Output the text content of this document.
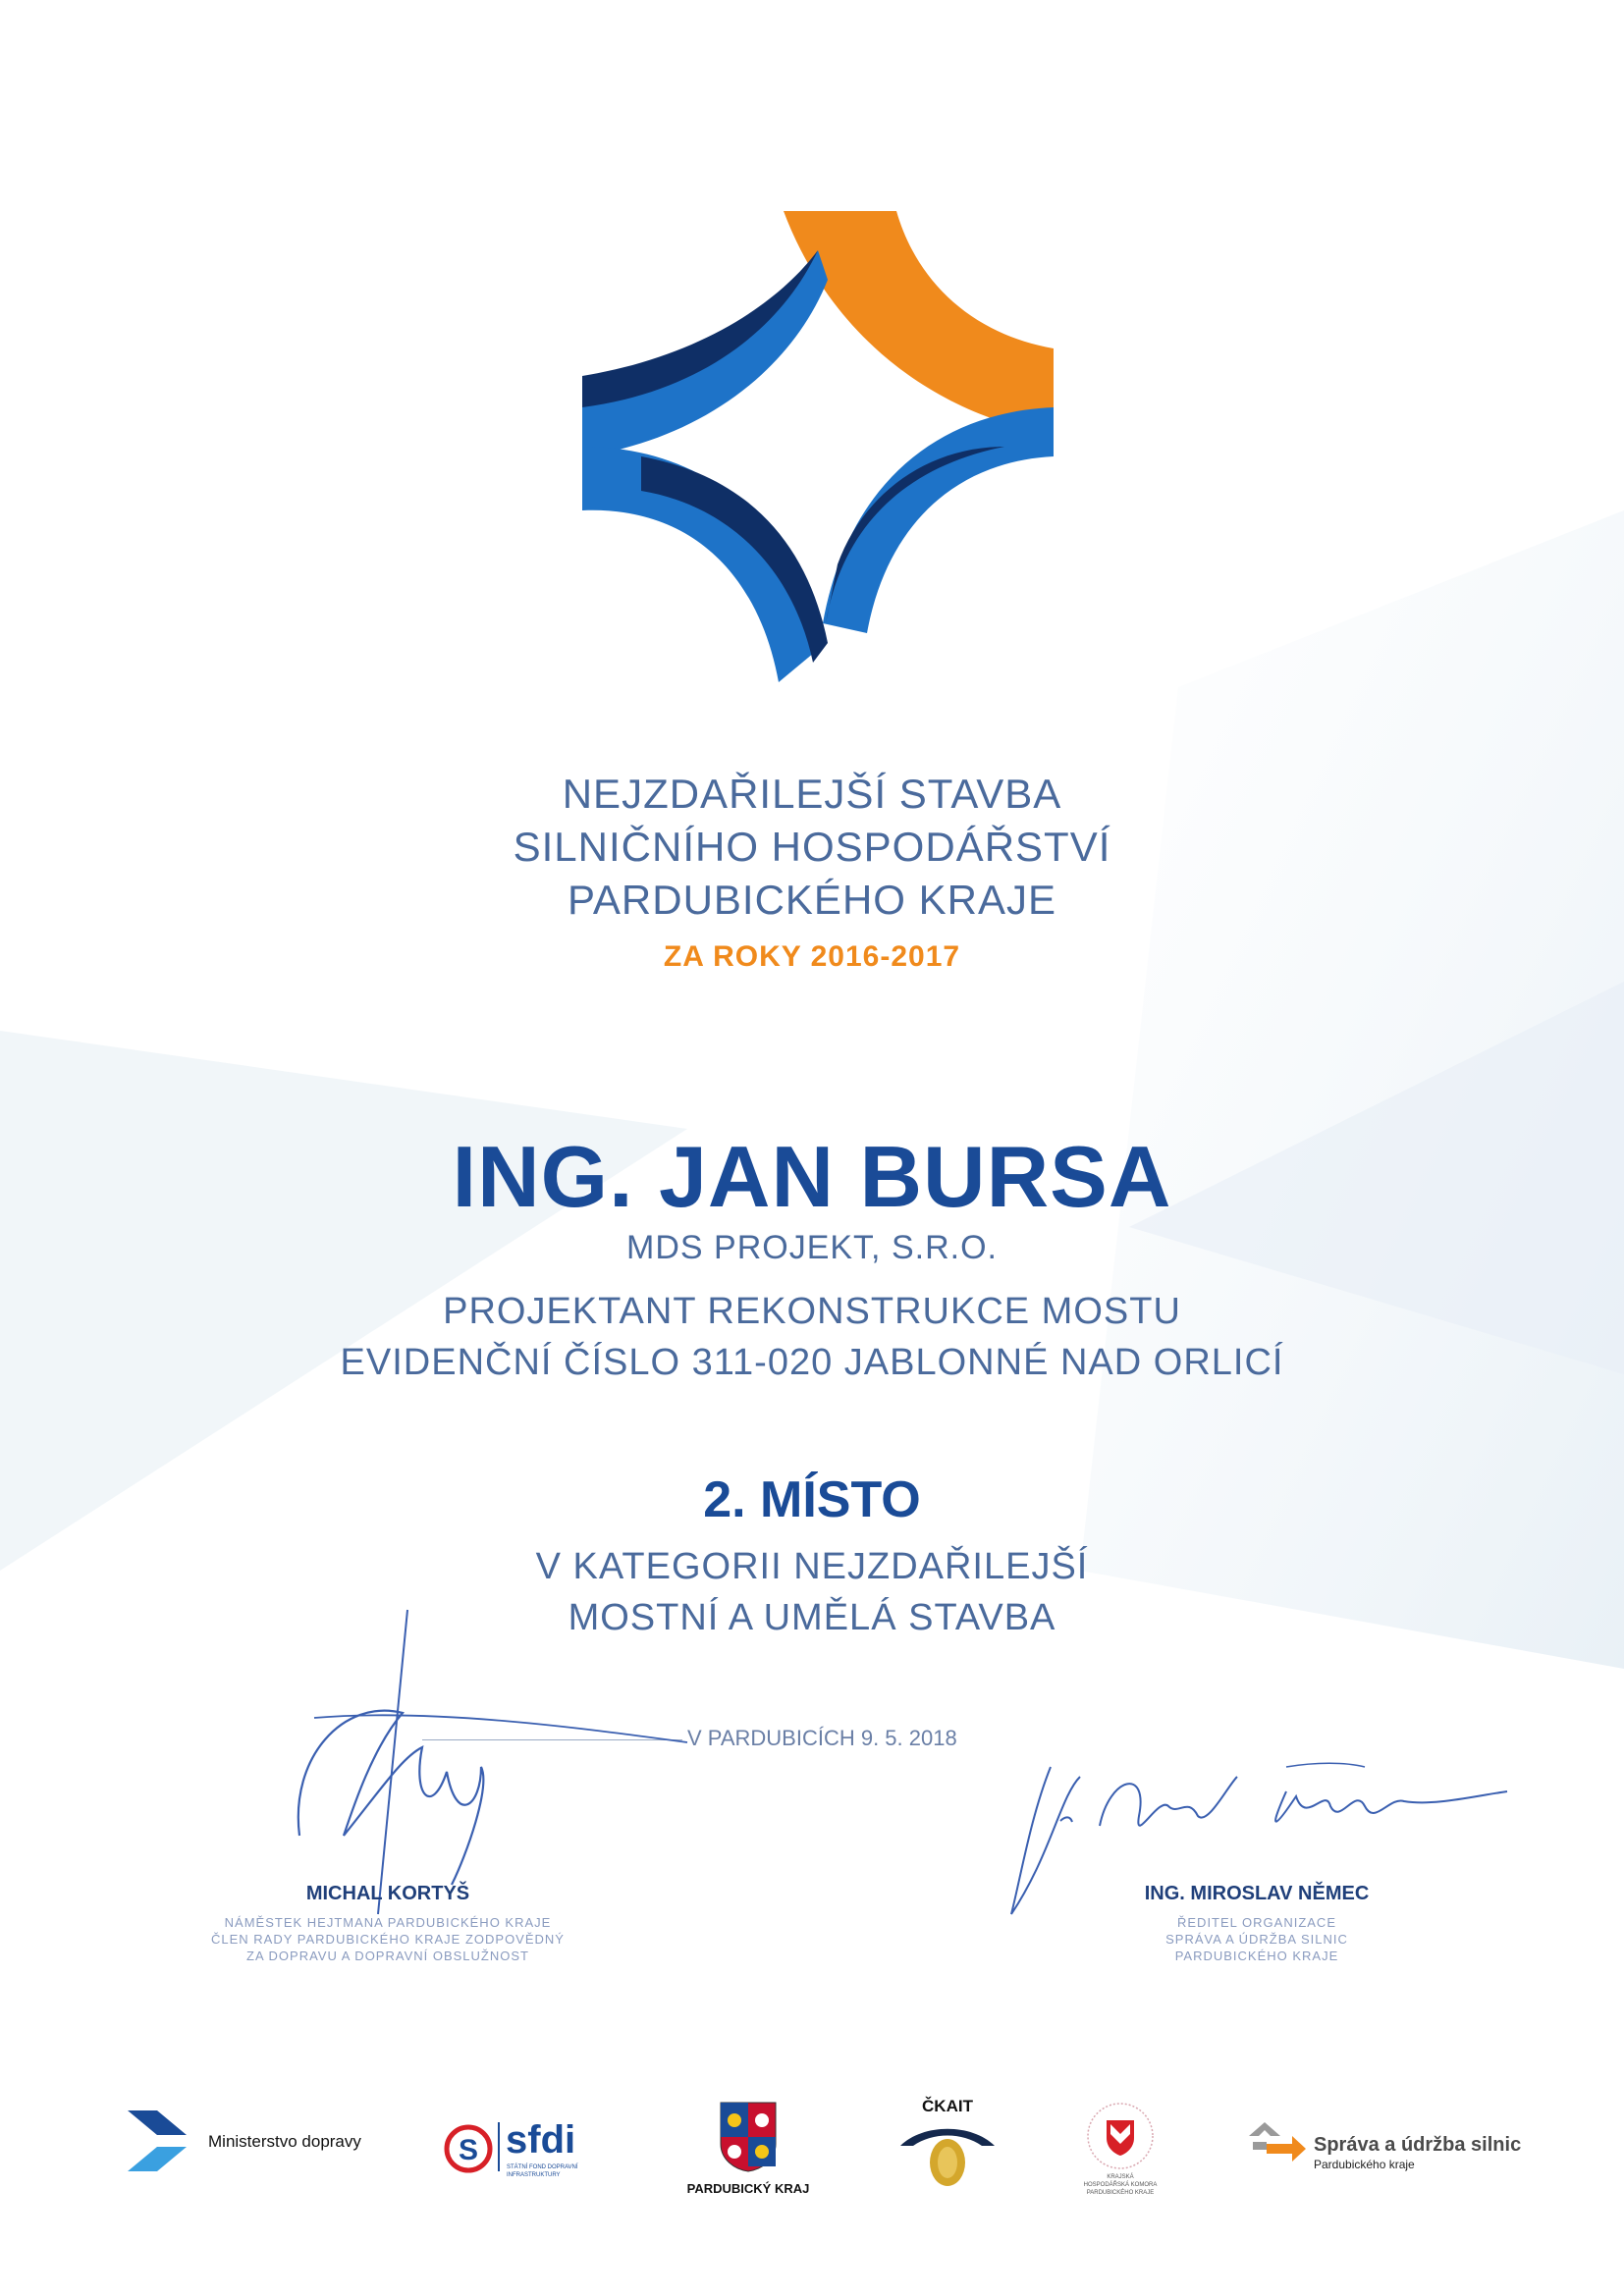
NEJZDAŘILEJŠÍ STAVBA
SILNIČNÍHO HOSPODÁŘSTVÍ
PARDUBICKÉHO KRAJE
ZA ROKY 2016-2017
ING. JAN BURSA
MDS PROJEKT, S.R.O.
PROJEKTANT REKONSTRUKCE MOSTU
EVIDENČNÍ ČÍSLO 311-020 JABLONNÉ NAD ORLICÍ
2. MÍSTO
V KATEGORII NEJZDAŘILEJŠÍ
MOSTNÍ A UMĚLÁ STAVBA
V PARDUBICÍCH 9. 5. 2018
MICHAL KORTYŠ
NÁMĚSTEK HEJTMANA PARDUBICKÉHO KRAJE
ČLEN RADY PARDUBICKÉHO KRAJE ZODPOVĚDNÝ
ZA DOPRAVU A DOPRAVNÍ OBSLUŽNOST
ING. MIROSLAV NĚMEC
ŘEDITEL ORGANIZACE
SPRÁVA A ÚDRŽBA SILNIC
PARDUBICKÉHO KRAJE
Ministerstvo dopravy	S sfdi
STÁTNÍ FOND DOPRAVNÍ
INFRASTRUKTURY
PARDUBICKÝ KRAJ
ČKAIT
KRAJSKÁ
HOSPODÁŘSKÁ KOMORA
PARDUBICKÉHO KRAJE
Správa a údržba silnic
Pardubického kraje
